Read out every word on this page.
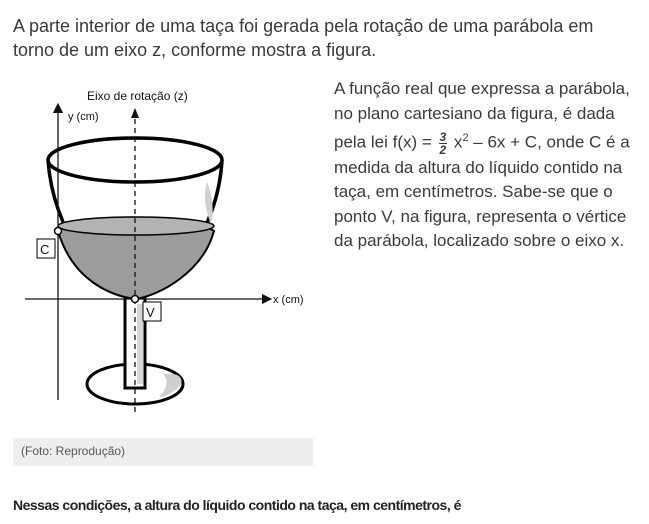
A parte interior de uma taça foi gerada pela rotação de uma parábola em torno de um eixo z, conforme mostra a figura.

C
V
Eixo de rotação (z)
y (cm)
x (cm)
(Foto: Reprodução)

A função real que expressa a parábola, no plano cartesiano da figura, é dada pela lei $f(x) = \frac{3}{2} x^2 - 6x + C$, onde C é a medida da altura do líquido contido na taça, em centímetros. Sabe-se que o ponto V, na figura, representa o vértice da parábola, localizado sobre o eixo x.

Nessas condições, a altura do líquido contido na taça, em centímetros, é
